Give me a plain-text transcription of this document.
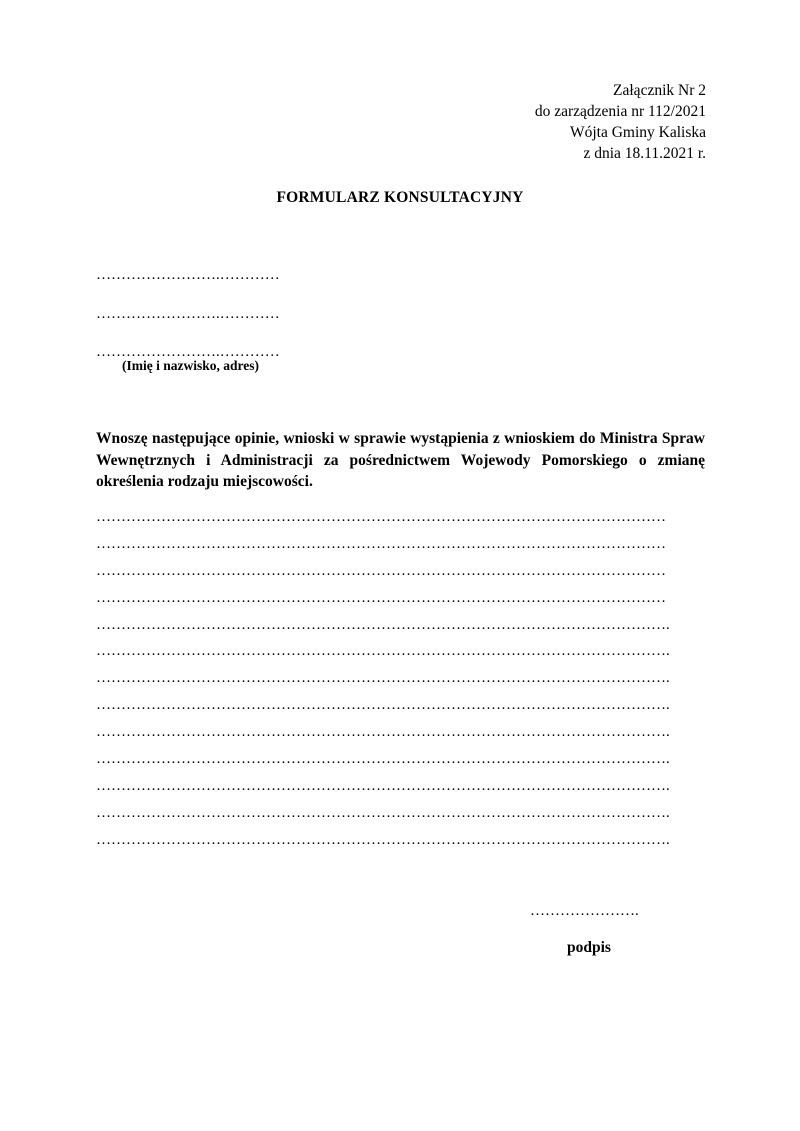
Załącznik Nr 2
do zarządzenia nr 112/2021
Wójta Gminy Kaliska
z dnia 18.11.2021 r.
FORMULARZ KONSULTACYJNY
…………………….…………
…………………….…………
…………………….…………
(Imię i nazwisko, adres)
Wnoszę następujące opinie, wnioski w sprawie wystąpienia z wnioskiem do Ministra Spraw Wewnętrznych i Administracji za pośrednictwem Wojewody Pomorskiego o zmianę określenia rodzaju miejscowości.
……………………………………………………………………………………………………
……………………………………………………………………………………………………
……………………………………………………………………………………………………
……………………………………………………………………………………………………
…………………………………………………………………………………………………….
…………………………………………………………………………………………………….
…………………………………………………………………………………………………….
…………………………………………………………………………………………………….
…………………………………………………………………………………………………….
…………………………………………………………………………………………………….
…………………………………………………………………………………………………….
…………………………………………………………………………………………………….
…………………………………………………………………………………………………….
………………….
podpis
